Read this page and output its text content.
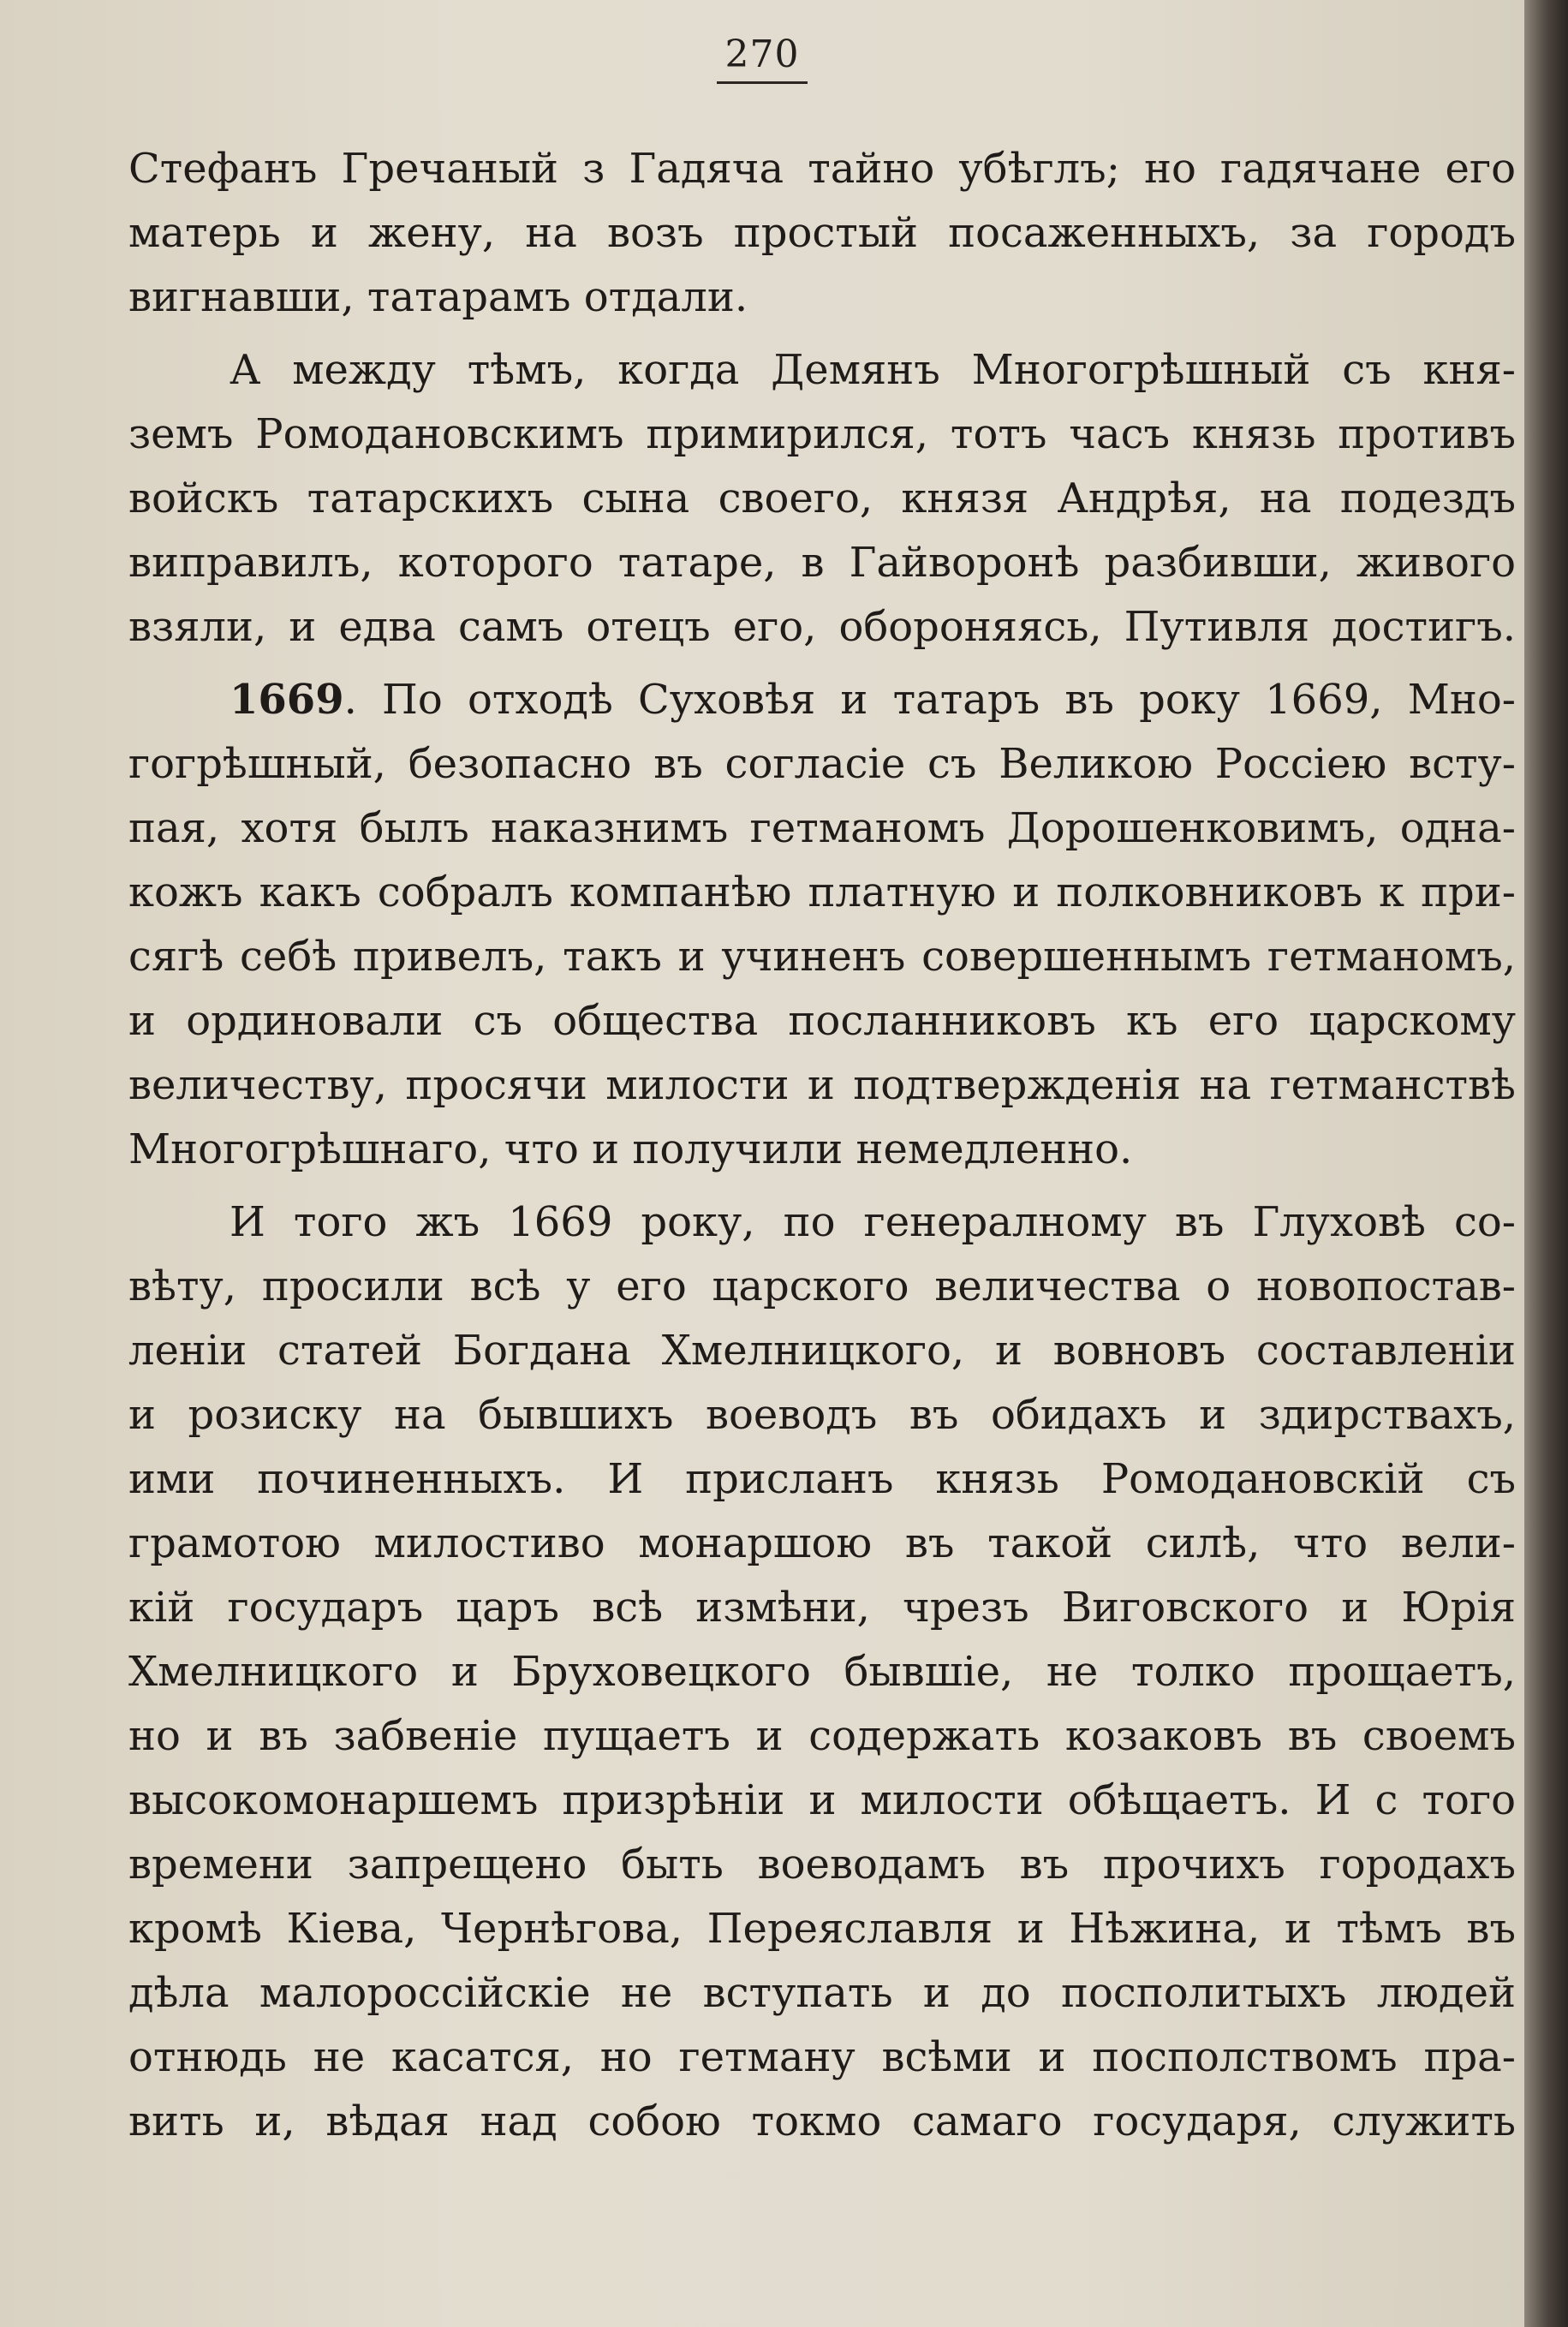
270
Стефанъ Гречаный з Гадяча тайно убѣглъ; но гадячане его
матерь и жену, на возъ простый посаженныхъ, за городъ
вигнавши, татарамъ отдали.
А между тѣмъ, когда Демянъ Многогрѣшный съ кня-
земъ Ромодановскимъ примирился, тотъ часъ князь противъ
войскъ татарскихъ сына своего, князя Андрѣя, на подездъ
виправилъ, которого татаре, в Гайворонѣ разбивши, живого
взяли, и едва самъ отецъ его, обороняясь, Путивля достигъ.
1669. По отходѣ Суховѣя и татаръ въ року 1669, Мно-
гогрѣшный, безопасно въ согласіе съ Великою Россіею всту-
пая, хотя былъ наказнимъ гетманомъ Дорошенковимъ, одна-
кожъ какъ собралъ компанѣю платную и полковниковъ к при-
сягѣ себѣ привелъ, такъ и учиненъ совершеннымъ гетманомъ,
и ординовали съ общества посланниковъ къ его царскому
величеству, просячи милости и подтвержденія на гетманствѣ
Многогрѣшнаго, что и получили немедленно.
И того жъ 1669 року, по генералному въ Глуховѣ со-
вѣту, просили всѣ у его царского величества о новопостав-
леніи статей Богдана Хмелницкого, и вовновъ составленіи
и розиску на бывшихъ воеводъ въ обидахъ и здирствахъ,
ими починенныхъ. И присланъ князь Ромодановскій съ
грамотою милостиво монаршою въ такой силѣ, что вели-
кій государъ царъ всѣ измѣни, чрезъ Виговского и Юрія
Хмелницкого и Бруховецкого бывшіе, не толко прощаетъ,
но и въ забвеніе пущаетъ и содержать козаковъ въ своемъ
высокомонаршемъ призрѣніи и милости обѣщаетъ. И с того
времени запрещено быть воеводамъ въ прочихъ городахъ
кромѣ Кіева, Чернѣгова, Переяславля и Нѣжина, и тѣмъ въ
дѣла малороссійскіе не вступать и до посполитыхъ людей
отнюдь не касатся, но гетману всѣми и посполствомъ пра-
вить и, вѣдая над собою токмо самаго государя, служить
